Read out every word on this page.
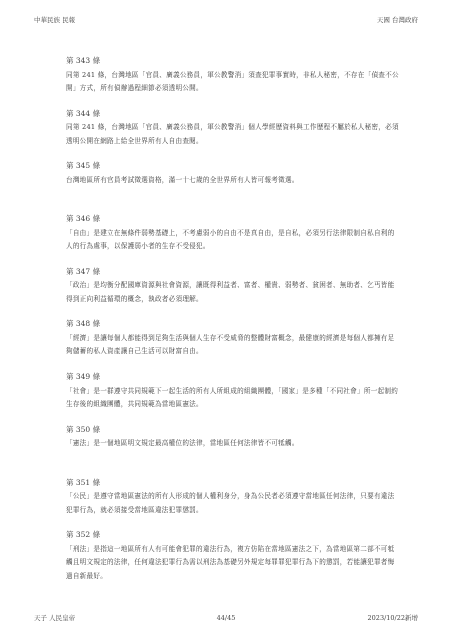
中華民族 民報	天國 台灣政府
第 343 條
同第 241 條，台灣地區「官員、廣義公務員，軍公教警消」須查犯罪事實時，非私人秘密，不存在「偵查不公開」方式，所有偵辦過程細節必須透明公開。
第 344 條
同第 241 條，台灣地區「官員、廣義公務員，軍公教警消」個人學經歷資料與工作歷程不屬於私人秘密，必須透明公開在網路上給全世界所有人自由查閱。
第 345 條
台灣地區所有官員考試徵選資格，滿一十七歲的全世界所有人皆可報考徵選。
第 346 條
「自由」是建立在無條件弱勢基礎上，不考慮弱小的自由不是真自由，是自私，必須另行法律限制自私自利的人的行為處事，以保護弱小者的生存不受侵犯。
第 347 條
「政治」是均衡分配國庫資源與社會資源，讓既得利益者、富者、權貴、弱勢者、貧困者、無助者、乞丐皆能得到正向利益循環的概念，執政者必須理解。
第 348 條
「經濟」是讓每個人都能得到足夠生活與個人生存不受威脅的整體財富概念，最健康的經濟是每個人都擁有足夠儲蓄的私人資產讓自己生活可以財富自由。
第 349 條
「社會」是一群遵守共同規範下一起生活的所有人所組成的組織團體，「國家」是多種「不同社會」所一起制約生存後的組織團體，共同規範為當地區憲法。
第 350 條
「憲法」是一個地區明文規定最高權位的法律，當地區任何法律皆不可牴觸。
第 351 條
「公民」是遵守當地區憲法的所有人形成的個人權利身分，身為公民者必須遵守當地區任何法律，只要有違法犯罪行為，就必須接受當地區違法犯罪懲罰。
第 352 條
「刑法」是指這一地區所有人有可能會犯罪的違法行為，複方仿陷在當地區憲法之下，為當地區第二部不可牴觸且明文規定的法律，任何違法犯罪行為需以刑法為基礎另外規定每罪罪犯罪行為下的懲罰，若能讓犯罪者悔過自新最好。
天子 人民皇帝	44/45	2023/10/22新增
